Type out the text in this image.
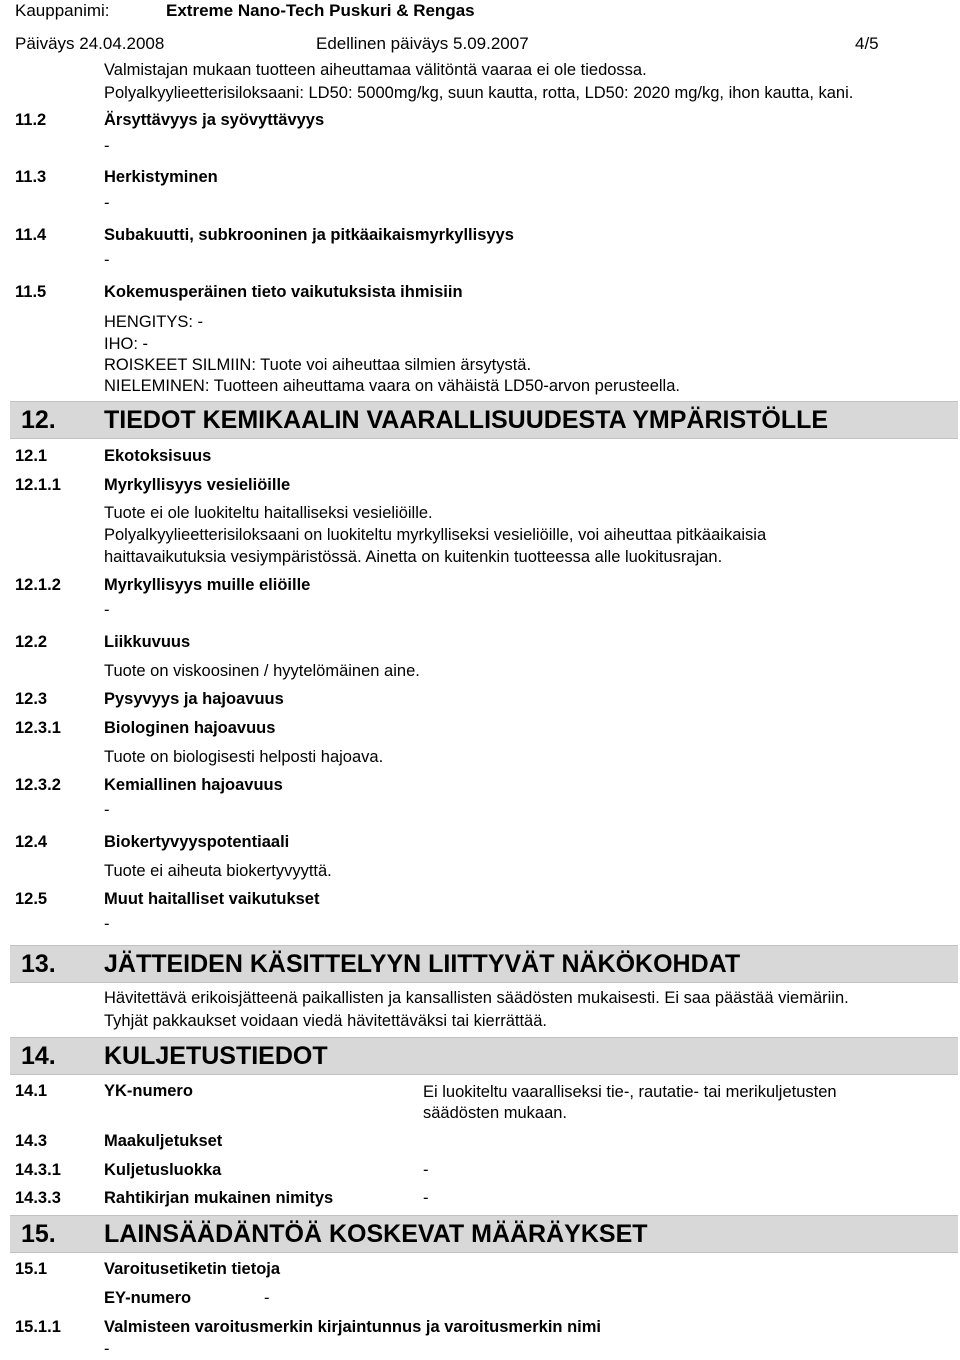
Kauppanimi:	Extreme Nano-Tech Puskuri & Rengas
Päiväys 24.04.2008	Edellinen päiväys 5.09.2007	4/5
Valmistajan mukaan tuotteen aiheuttamaa välitöntä vaaraa ei ole tiedossa.
Polyalkyylieetterisiloksaani: LD50: 5000mg/kg, suun kautta, rotta, LD50: 2020 mg/kg, ihon kautta, kani.
11.2	Ärsyttävyys ja syövyttävyys
-
11.3	Herkistyminen
-
11.4	Subakuutti, subkrooninen ja pitkäaikaismyrkyllisyys
-
11.5	Kokemusperäinen tieto vaikutuksista ihmisiin
HENGITYS: -
IHO: -
ROISKEET SILMIIN: Tuote voi aiheuttaa silmien ärsytystä.
NIELEMINEN: Tuotteen aiheuttama vaara on vähäistä LD50-arvon perusteella.
12. TIEDOT KEMIKAALIN VAARALLISUUDESTA YMPÄRISTÖLLE
12.1	Ekotoksisuus
12.1.1	Myrkyllisyys vesieliöille
Tuote ei ole luokiteltu haitalliseksi vesieliöille.
Polyalkyylieetterisiloksaani on luokiteltu myrkylliseksi vesieliöille, voi aiheuttaa pitkäaikaisia
haittavaikutuksia vesiympäristössä. Ainetta on kuitenkin tuotteessa alle luokitusrajan.
12.1.2	Myrkyllisyys muille eliöille
-
12.2	Liikkuvuus
Tuote on viskoosinen / hyytelömäinen aine.
12.3	Pysyvyys ja hajoavuus
12.3.1	Biologinen hajoavuus
Tuote on biologisesti helposti hajoava.
12.3.2	Kemiallinen hajoavuus
-
12.4	Biokertyvyyspotentiaali
Tuote ei aiheuta biokertyvyyttä.
12.5	Muut haitalliset vaikutukset
-
13. JÄTTEIDEN KÄSITTELYYN LIITTYVÄT NÄKÖKOHDAT
Hävitettävä erikoisjätteenä paikallisten ja kansallisten säädösten mukaisesti. Ei saa päästää viemäriin.
Tyhjät pakkaukset voidaan viedä hävitettäväksi tai kierrättää.
14. KULJETUSTIEDOT
14.1	YK-numero	Ei luokiteltu vaaralliseksi tie-, rautatie- tai merikuljetusten
säädösten mukaan.
14.3	Maakuljetukset
14.3.1	Kuljetusluokka	-
14.3.3	Rahtikirjan mukainen nimitys	-
15. LAINSÄÄDÄNTÖÄ KOSKEVAT MÄÄRÄYKSET
15.1	Varoitusetiketin tietoja
EY-numero	-
15.1.1	Valmisteen varoitusmerkin kirjaintunnus ja varoitusmerkin nimi
-
